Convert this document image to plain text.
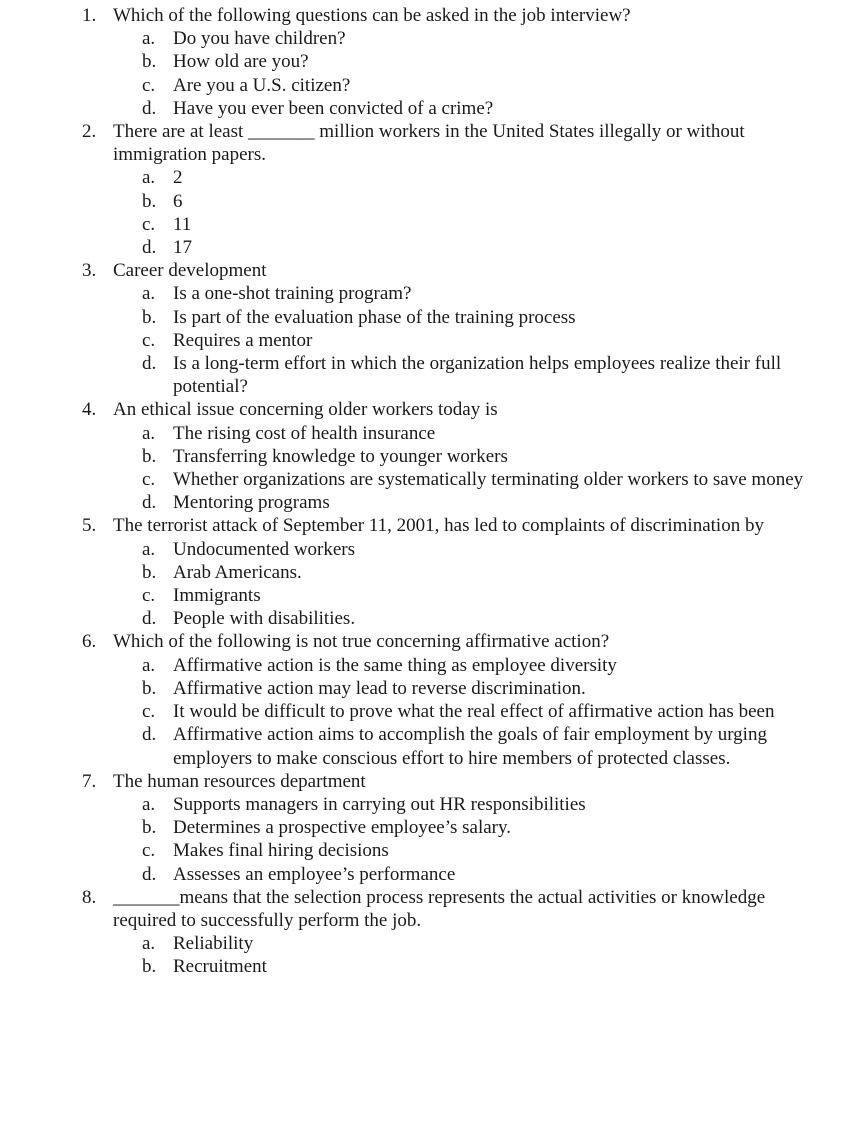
1. Which of the following questions can be asked in the job interview?
a. Do you have children?
b. How old are you?
c. Are you a U.S. citizen?
d. Have you ever been convicted of a crime?
2. There are at least _______ million workers in the United States illegally or without immigration papers.
a. 2
b. 6
c. 11
d. 17
3. Career development
a. Is a one-shot training program?
b. Is part of the evaluation phase of the training process
c. Requires a mentor
d. Is a long-term effort in which the organization helps employees realize their full potential?
4. An ethical issue concerning older workers today is
a. The rising cost of health insurance
b. Transferring knowledge to younger workers
c. Whether organizations are systematically terminating older workers to save money
d. Mentoring programs
5. The terrorist attack of September 11, 2001, has led to complaints of discrimination by
a. Undocumented workers
b. Arab Americans.
c. Immigrants
d. People with disabilities.
6. Which of the following is not true concerning affirmative action?
a. Affirmative action is the same thing as employee diversity
b. Affirmative action may lead to reverse discrimination.
c. It would be difficult to prove what the real effect of affirmative action has been
d. Affirmative action aims to accomplish the goals of fair employment by urging employers to make conscious effort to hire members of protected classes.
7. The human resources department
a. Supports managers in carrying out HR responsibilities
b. Determines a prospective employee’s salary.
c. Makes final hiring decisions
d. Assesses an employee’s performance
8. _______means that the selection process represents the actual activities or knowledge required to successfully perform the job.
a. Reliability
b. Recruitment
